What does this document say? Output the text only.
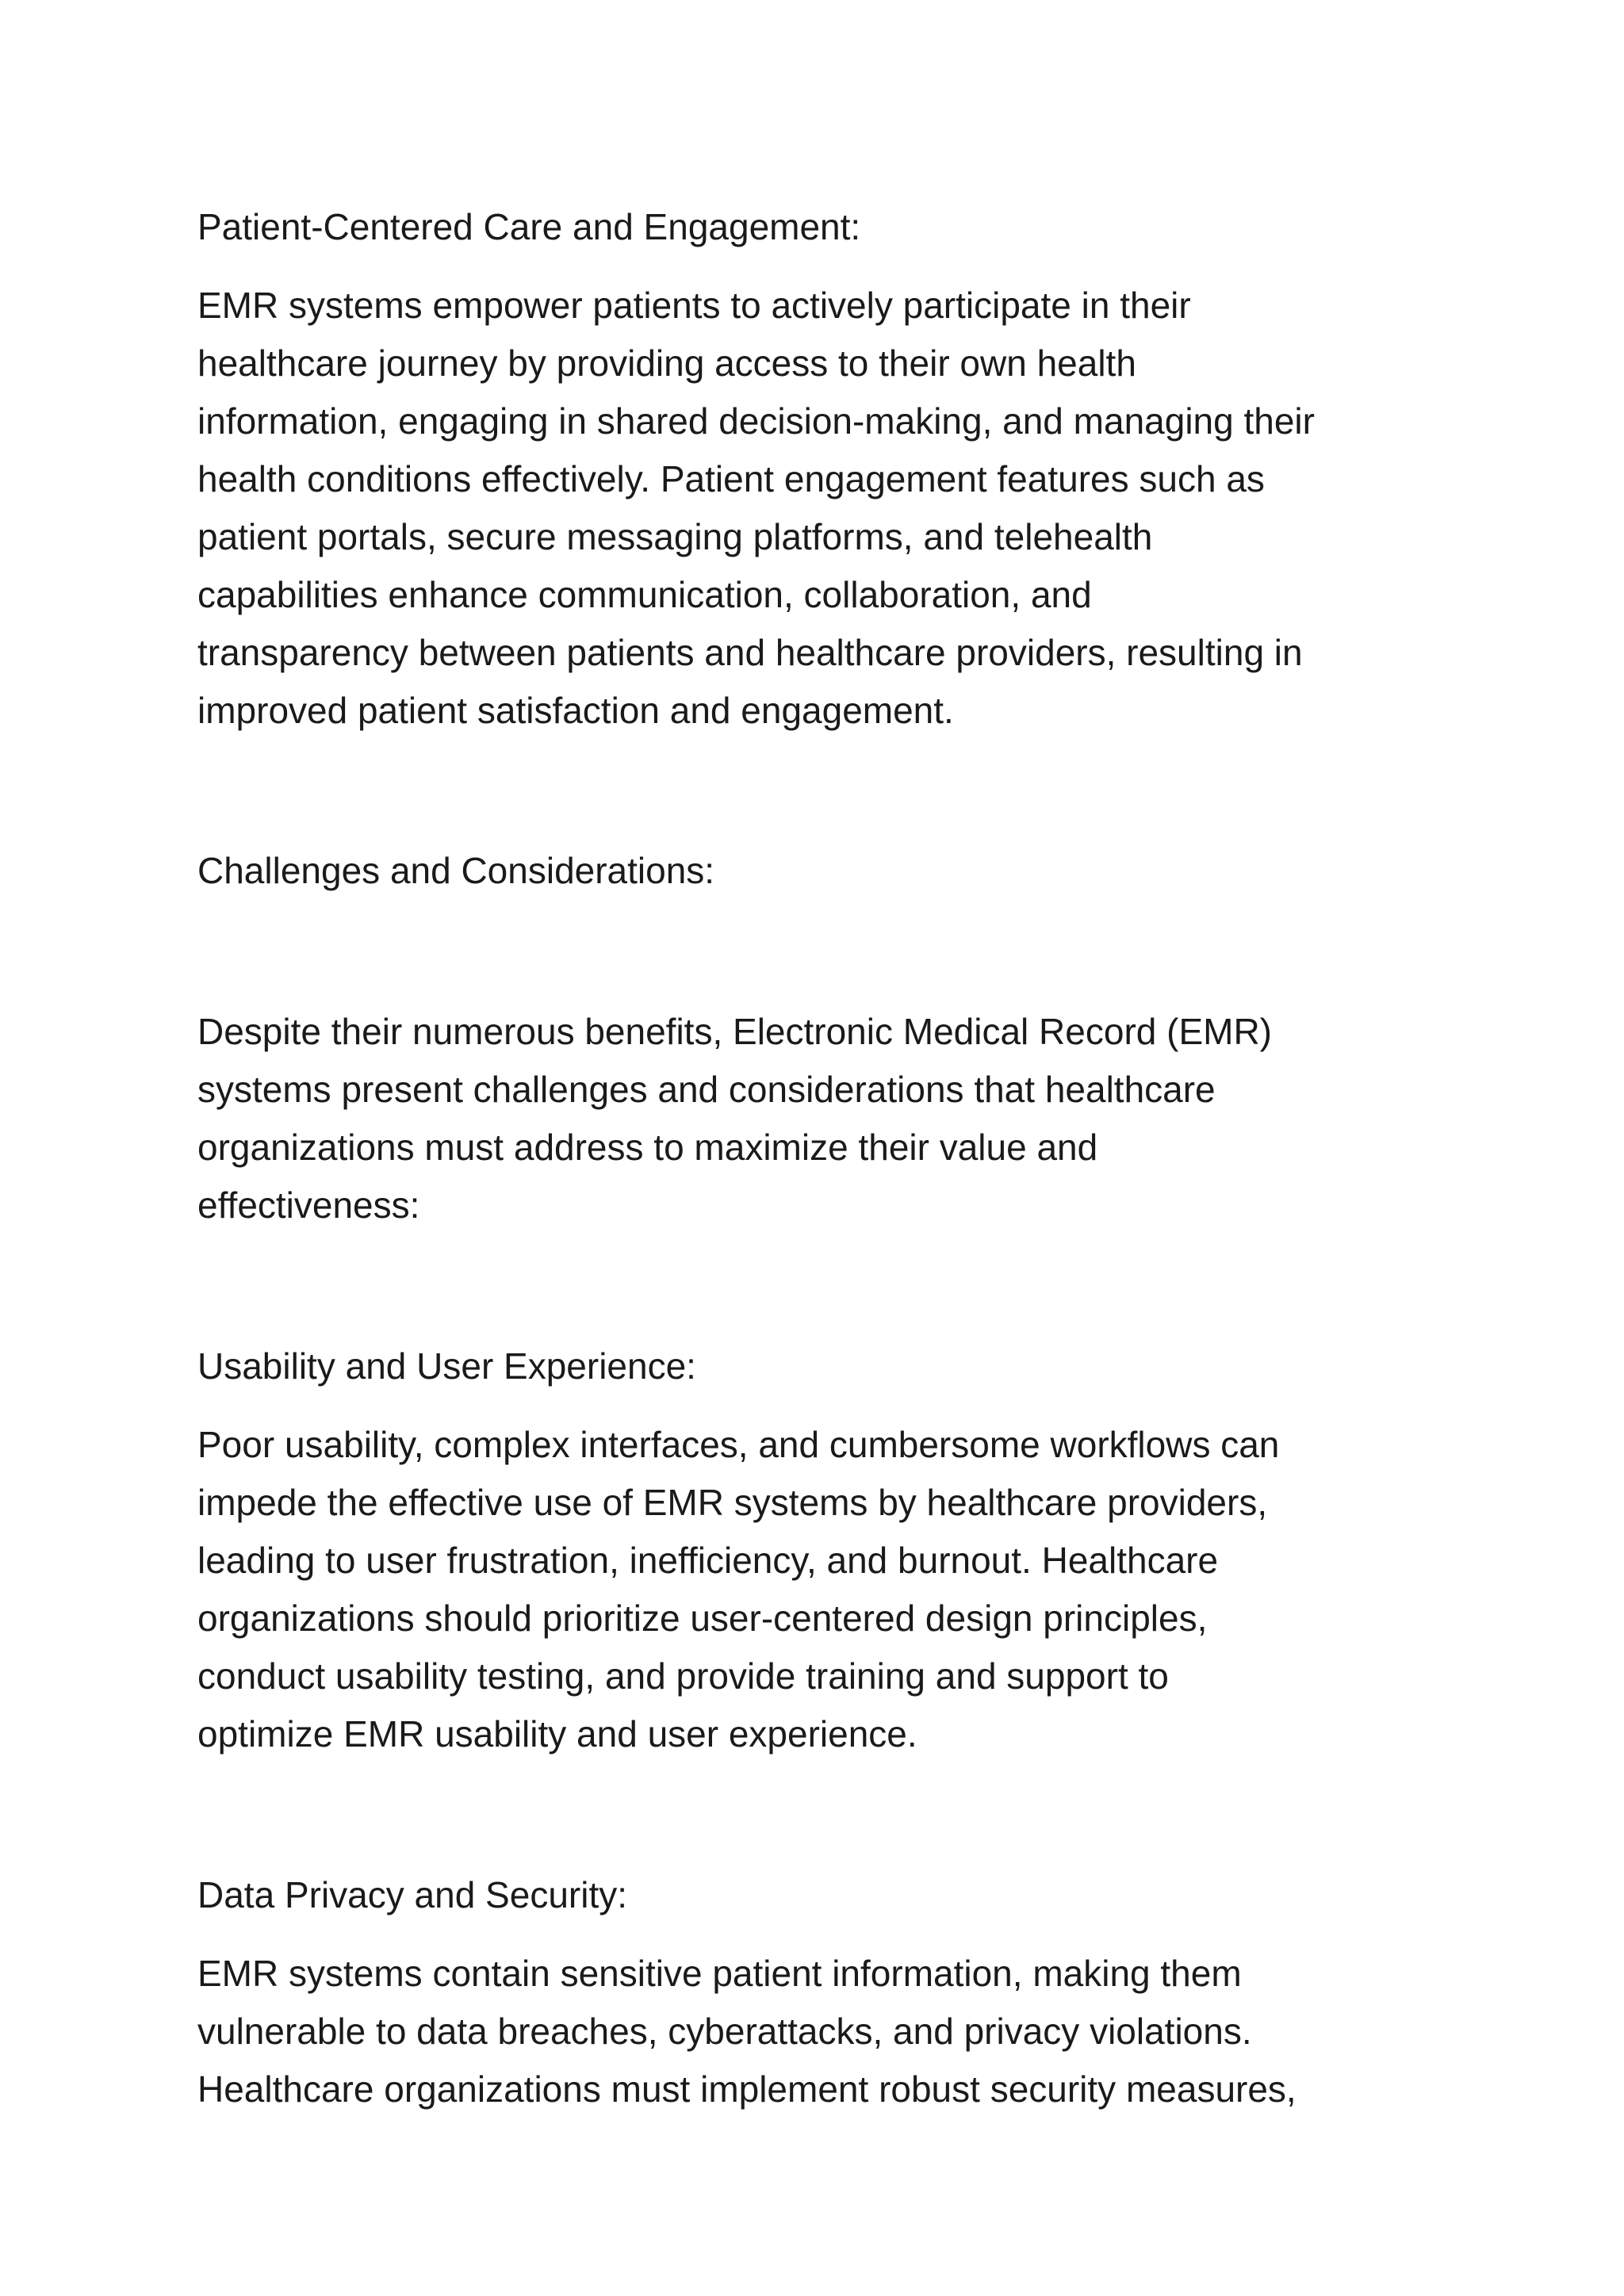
Patient-Centered Care and Engagement:
EMR systems empower patients to actively participate in their
healthcare journey by providing access to their own health
information, engaging in shared decision-making, and managing their
health conditions effectively. Patient engagement features such as
patient portals, secure messaging platforms, and telehealth
capabilities enhance communication, collaboration, and
transparency between patients and healthcare providers, resulting in
improved patient satisfaction and engagement.
Challenges and Considerations:
Despite their numerous benefits, Electronic Medical Record (EMR)
systems present challenges and considerations that healthcare
organizations must address to maximize their value and
effectiveness:
Usability and User Experience:
Poor usability, complex interfaces, and cumbersome workflows can
impede the effective use of EMR systems by healthcare providers,
leading to user frustration, inefficiency, and burnout. Healthcare
organizations should prioritize user-centered design principles,
conduct usability testing, and provide training and support to
optimize EMR usability and user experience.
Data Privacy and Security:
EMR systems contain sensitive patient information, making them
vulnerable to data breaches, cyberattacks, and privacy violations.
Healthcare organizations must implement robust security measures,
